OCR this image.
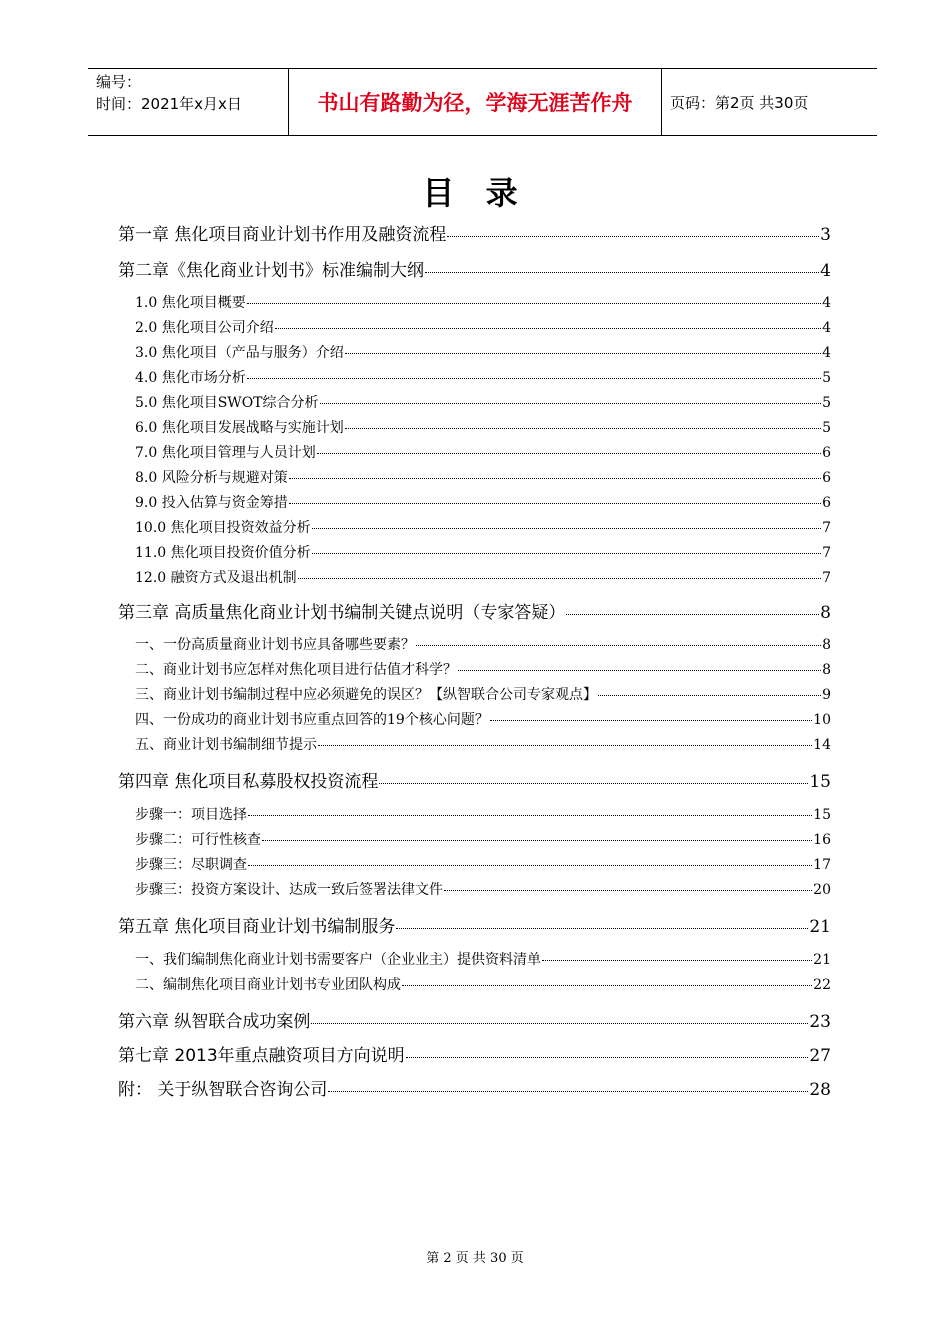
编号：
时间：2021年x月x日	书山有路勤为径，学海无涯苦作舟	页码：第2页 共30页
目 录
第一章 焦化项目商业计划书作用及融资流程	3
第二章《焦化商业计划书》标准编制大纲	4
1.0 焦化项目概要	4
2.0 焦化项目公司介绍	4
3.0 焦化项目（产品与服务）介绍	4
4.0 焦化市场分析	5
5.0 焦化项目SWOT综合分析	5
6.0 焦化项目发展战略与实施计划	5
7.0 焦化项目管理与人员计划	6
8.0 风险分析与规避对策	6
9.0 投入估算与资金筹措	6
10.0 焦化项目投资效益分析	7
11.0 焦化项目投资价值分析	7
12.0 融资方式及退出机制	7
第三章 高质量焦化商业计划书编制关键点说明（专家答疑）	8
一、一份高质量商业计划书应具备哪些要素？	8
二、商业计划书应怎样对焦化项目进行估值才科学？	8
三、商业计划书编制过程中应必须避免的误区？【纵智联合公司专家观点】	9
四、一份成功的商业计划书应重点回答的19个核心问题？	10
五、商业计划书编制细节提示	14
第四章 焦化项目私募股权投资流程	15
步骤一：项目选择	15
步骤二：可行性核查	16
步骤三：尽职调查	17
步骤三：投资方案设计、达成一致后签署法律文件	20
第五章 焦化项目商业计划书编制服务	21
一、我们编制焦化商业计划书需要客户（企业业主）提供资料清单	21
二、编制焦化项目商业计划书专业团队构成	22
第六章 纵智联合成功案例	23
第七章 2013年重点融资项目方向说明	27
附： 关于纵智联合咨询公司	28
第 2 页 共 30 页
